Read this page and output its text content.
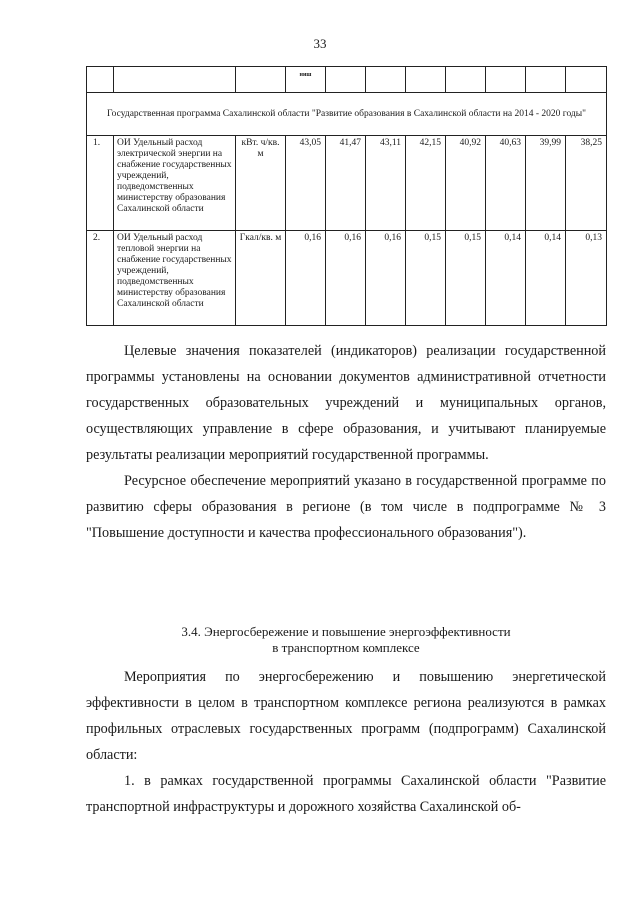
33
			ниш							
Государственная программа Сахалинской области "Развитие образования в Сахалинской области на 2014 - 2020 годы"										
1.	ОИ Удельный расход электрической энергии на снабжение государственных учреждений, подведомственных министерству образования Сахалинской области	кВт. ч/кв. м	43,05	41,47	43,11	42,15	40,92	40,63	39,99	38,25
2.	ОИ Удельный расход тепловой энергии на снабжение государственных учреждений, подведомственных министерству образования Сахалинской области	Гкал/кв. м	0,16	0,16	0,16	0,15	0,15	0,14	0,14	0,13

Целевые значения показателей (индикаторов) реализации государственной программы установлены на основании документов административной отчетности государственных образовательных учреждений и муниципальных органов, осуществляющих управление в сфере образования, и учитывают планируемые результаты реализации мероприятий государственной программы.

Ресурсное обеспечение мероприятий указано в государственной программе по развитию сферы образования в регионе (в том числе в подпрограмме № 3 "Повышение доступности и качества профессионального образования").

3.4. Энергосбережение и повышение энергоэффективности
в транспортном комплексе

Мероприятия по энергосбережению и повышению энергетической эффективности в целом в транспортном комплексе региона реализуются в рамках профильных отраслевых государственных программ (подпрограмм) Сахалинской области:

1. в рамках государственной программы Сахалинской области "Развитие транспортной инфраструктуры и дорожного хозяйства Сахалинской об-
